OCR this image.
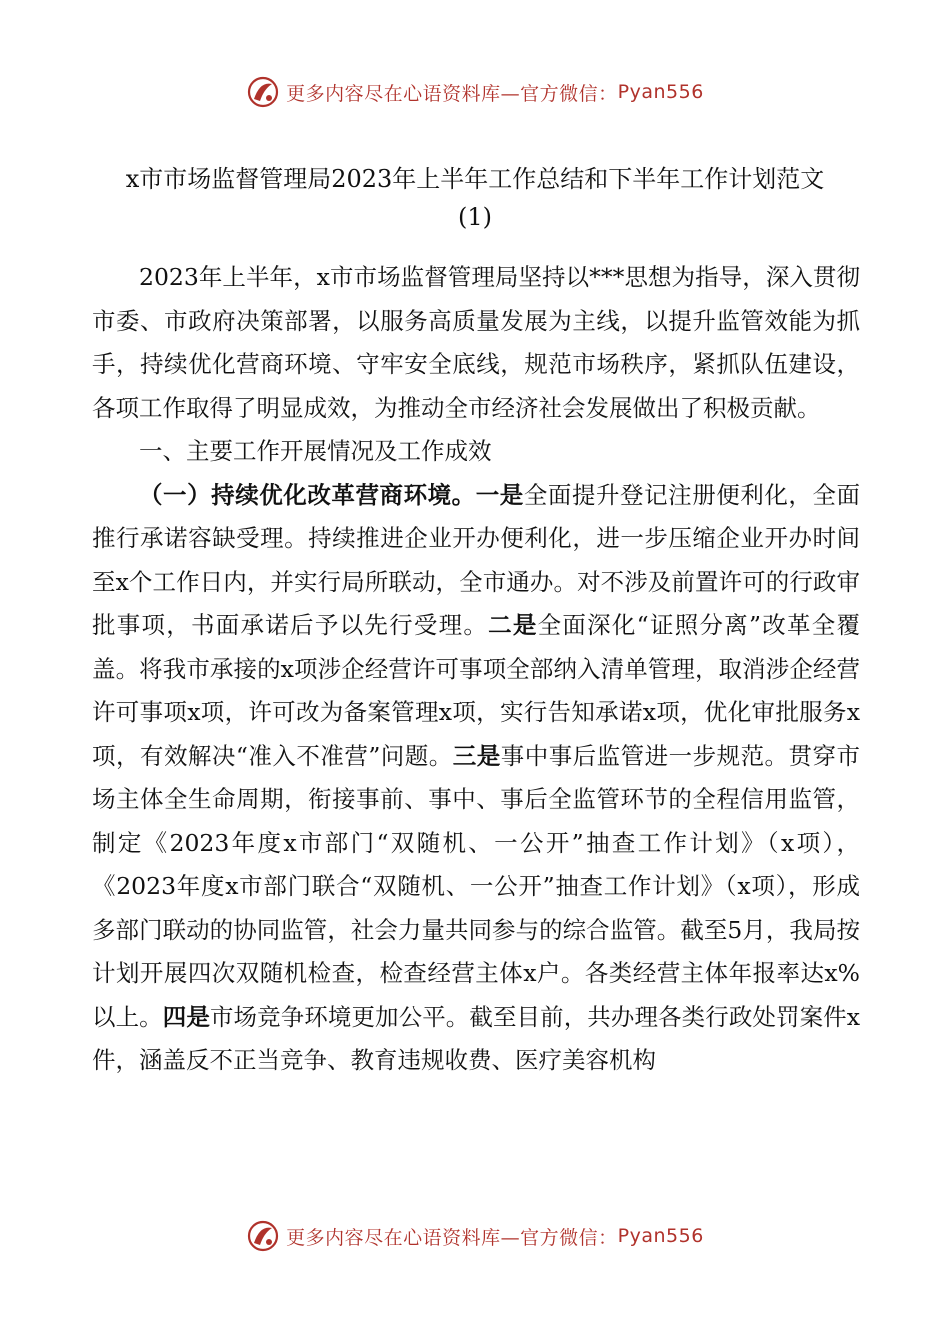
更多内容尽在心语资料库—官方微信： Pyan556
x市市场监督管理局2023年上半年工作总结和下半年工作计划范文
(1)

2023年上半年，x市市场监督管理局坚持以***思想为指导，深入贯彻市委、市政府决策部署，以服务高质量发展为主线，以提升监管效能为抓手，持续优化营商环境、守牢安全底线，规范市场秩序，紧抓队伍建设，各项工作取得了明显成效，为推动全市经济社会发展做出了积极贡献。

一、主要工作开展情况及工作成效

（一）持续优化改革营商环境。一是全面提升登记注册便利化，全面推行承诺容缺受理。持续推进企业开办便利化，进一步压缩企业开办时间至x个工作日内，并实行局所联动，全市通办。对不涉及前置许可的行政审批事项，书面承诺后予以先行受理。二是全面深化“证照分离”改革全覆盖。将我市承接的x项涉企经营许可事项全部纳入清单管理，取消涉企经营许可事项x项，许可改为备案管理x项，实行告知承诺x项，优化审批服务x项，有效解决“准入不准营”问题。三是事中事后监管进一步规范。贯穿市场主体全生命周期，衔接事前、事中、事后全监管环节的全程信用监管，制定《2023年度x市部门“双随机、一公开”抽查工作计划》（x项），《2023年度x市部门联合“双随机、一公开”抽查工作计划》（x项），形成多部门联动的协同监管，社会力量共同参与的综合监管。截至5月，我局按计划开展四次双随机检查，检查经营主体x户。各类经营主体年报率达x%以上。四是市场竞争环境更加公平。截至目前，共办理各类行政处罚案件x件，涵盖反不正当竞争、教育违规收费、医疗美容机构

更多内容尽在心语资料库—官方微信： Pyan556
